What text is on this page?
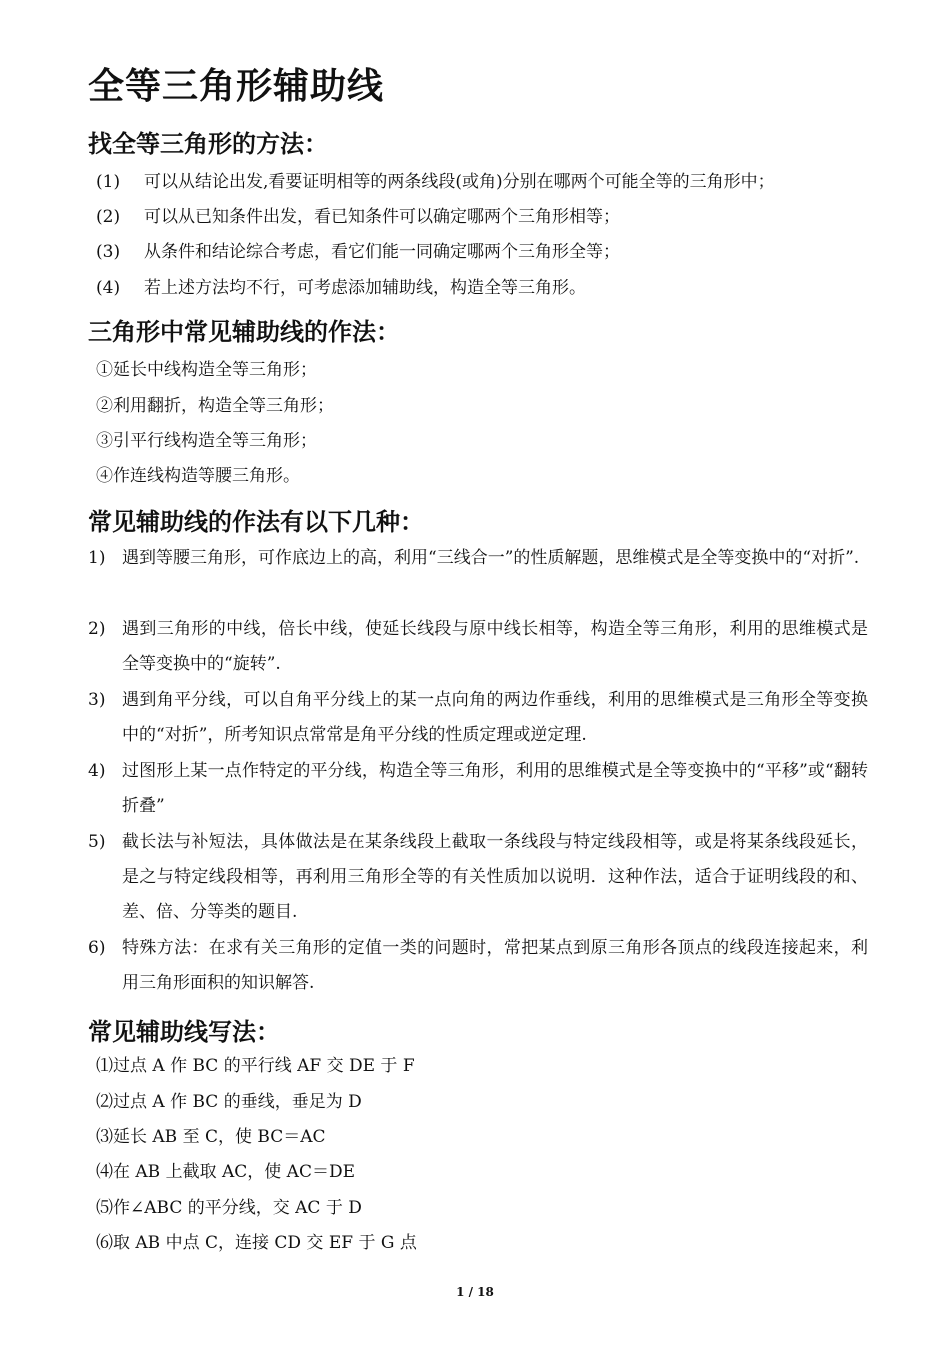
全等三角形辅助线
找全等三角形的方法：
(1) 可以从结论出发,看要证明相等的两条线段(或角)分别在哪两个可能全等的三角形中；
(2) 可以从已知条件出发，看已知条件可以确定哪两个三角形相等；
(3) 从条件和结论综合考虑，看它们能一同确定哪两个三角形全等；
(4) 若上述方法均不行，可考虑添加辅助线，构造全等三角形。
三角形中常见辅助线的作法：
①延长中线构造全等三角形；
②利用翻折，构造全等三角形；
③引平行线构造全等三角形；
④作连线构造等腰三角形。
常见辅助线的作法有以下几种：
1) 遇到等腰三角形，可作底边上的高，利用“三线合一”的性质解题，思维模式是全等变换中的“对折”.
2) 遇到三角形的中线，倍长中线，使延长线段与原中线长相等，构造全等三角形，利用的思维模式是全等变换中的“旋转”.
3) 遇到角平分线，可以自角平分线上的某一点向角的两边作垂线，利用的思维模式是三角形全等变换中的“对折”，所考知识点常常是角平分线的性质定理或逆定理.
4) 过图形上某一点作特定的平分线，构造全等三角形，利用的思维模式是全等变换中的“平移”或“翻转折叠”
5) 截长法与补短法，具体做法是在某条线段上截取一条线段与特定线段相等，或是将某条线段延长，是之与特定线段相等，再利用三角形全等的有关性质加以说明．这种作法，适合于证明线段的和、差、倍、分等类的题目.
6) 特殊方法：在求有关三角形的定值一类的问题时，常把某点到原三角形各顶点的线段连接起来，利用三角形面积的知识解答.
常见辅助线写法：
⑴过点 A 作 BC 的平行线 AF 交 DE 于 F
⑵过点 A 作 BC 的垂线，垂足为 D
⑶延长 AB 至 C，使 BC＝AC
⑷在 AB 上截取 AC，使 AC＝DE
⑸作∠ABC 的平分线，交 AC 于 D
⑹取 AB 中点 C，连接 CD 交 EF 于 G 点
1 / 18
